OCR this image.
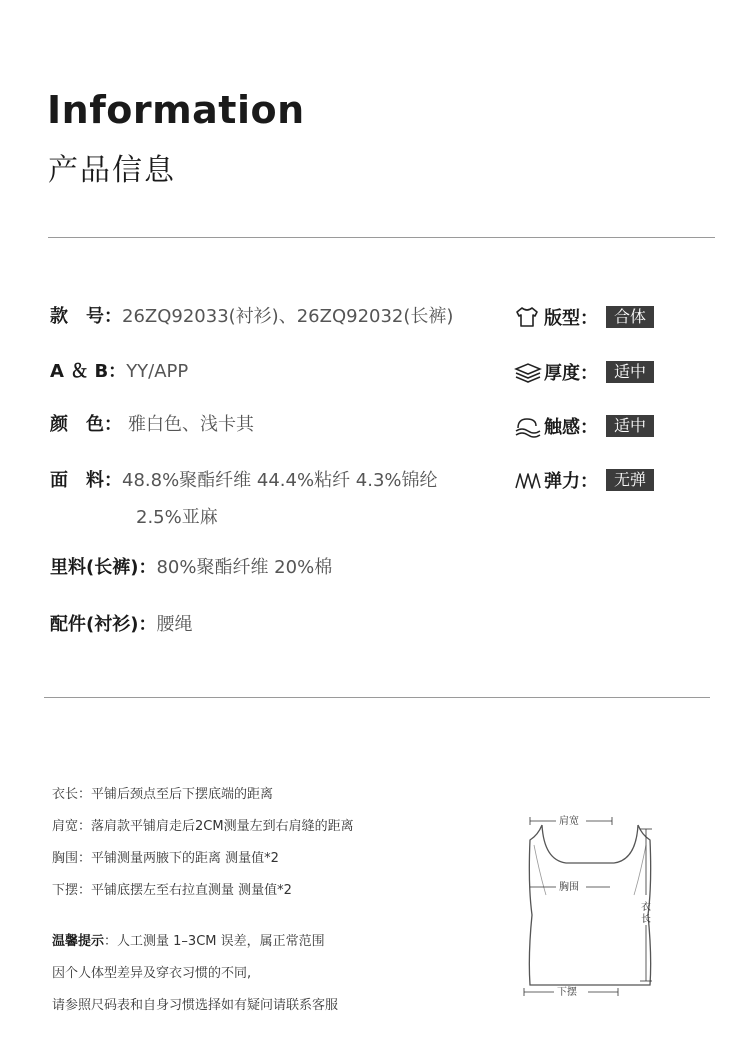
Information
产品信息
款　号：26ZQ92033(衬衫)、26ZQ92032(长裤)
A ＆ B：YY/APP
颜　色： 雅白色、浅卡其
面　料：48.8%聚酯纤维 44.4%粘纤 4.3%锦纶
2.5%亚麻
里料(长裤)：80%聚酯纤维 20%棉
配件(衬衫)：腰绳
版型：	合体
厚度：	适中
触感：	适中
弹力：	无弹
衣长：平铺后颈点至后下摆底端的距离
肩宽：落肩款平铺肩走后2CM测量左到右肩缝的距离
胸围：平铺测量两腋下的距离 测量值*2
下摆：平铺底摆左至右拉直测量 测量值*2
温馨提示：人工测量 1–3CM 误差，属正常范围
因个人体型差异及穿衣习惯的不同,
请参照尺码表和自身习惯选择如有疑问请联系客服
肩宽
胸围
下摆
衣长
